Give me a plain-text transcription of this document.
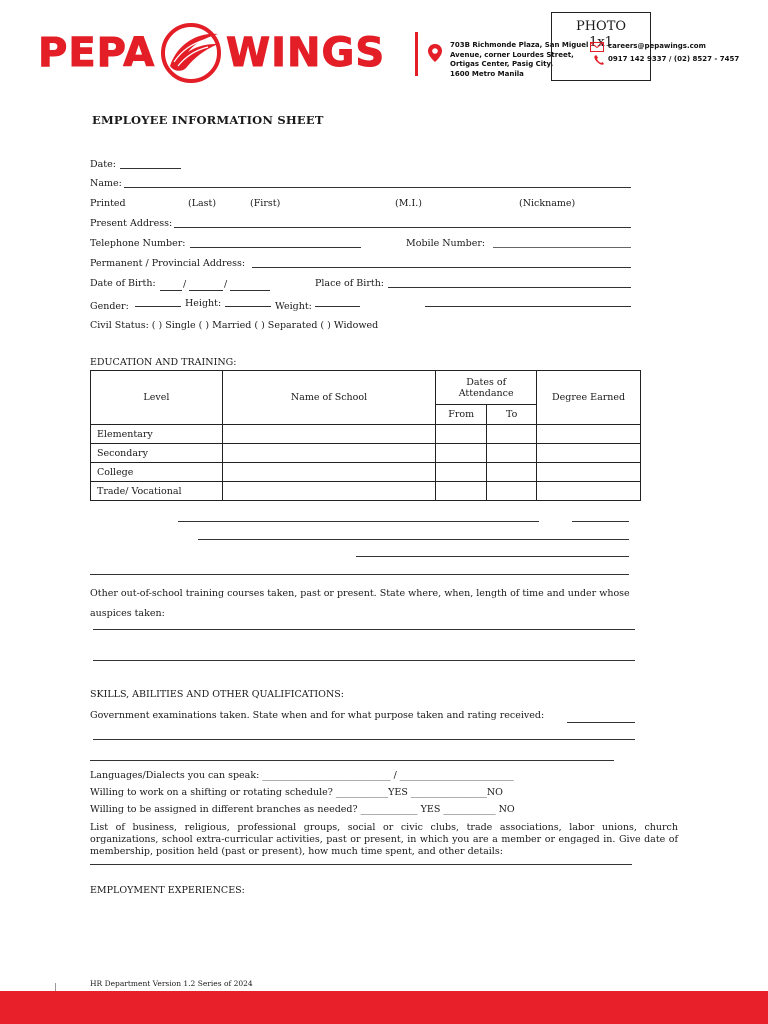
PEPA WINGS	703B Richmonde Plaza, San Miguel
Avenue, corner Lourdes Street,
Ortigas Center, Pasig City,
1600 Metro Manila
PHOTO
1x1
careers@pepawings.com
0917 142 9337 / (02) 8527 - 7457
EMPLOYEE INFORMATION SHEET
Date:
Name:
Printed	(Last)	(First)	(M.I.)	(Nickname)
Present Address:
Telephone Number:	Mobile Number:
Permanent / Provincial Address:
Date of Birth:	/	/	Place of Birth:
Gender:	Height:	Weight:
Civil Status: ( ) Single ( ) Married ( ) Separated ( ) Widowed
EDUCATION AND TRAINING:
Level	Name of School	Dates of Attendance		Degree Earned
		From	To	
Elementary				
Secondary				
College				
Trade/ Vocational				
Other out-of-school training courses taken, past or present. State where, when, length of time and under whose
auspices taken:
SKILLS, ABILITIES AND OTHER QUALIFICATIONS:
Government examinations taken. State when and for what purpose taken and rating received:
Languages/Dialects you can speak: ___________________________ / ________________________
Willing to work on a shifting or rotating schedule? ___________YES ________________NO
Willing to be assigned in different branches as needed? ____________ YES ___________ NO
List of business, religious, professional groups, social or civic clubs, trade associations, labor unions, church organizations, school extra-curricular activities, past or present, in which you are a member or engaged in. Give date of membership, position held (past or present), how much time spent, and other details:
EMPLOYMENT EXPERIENCES:
HR Department Version 1.2 Series of 2024
